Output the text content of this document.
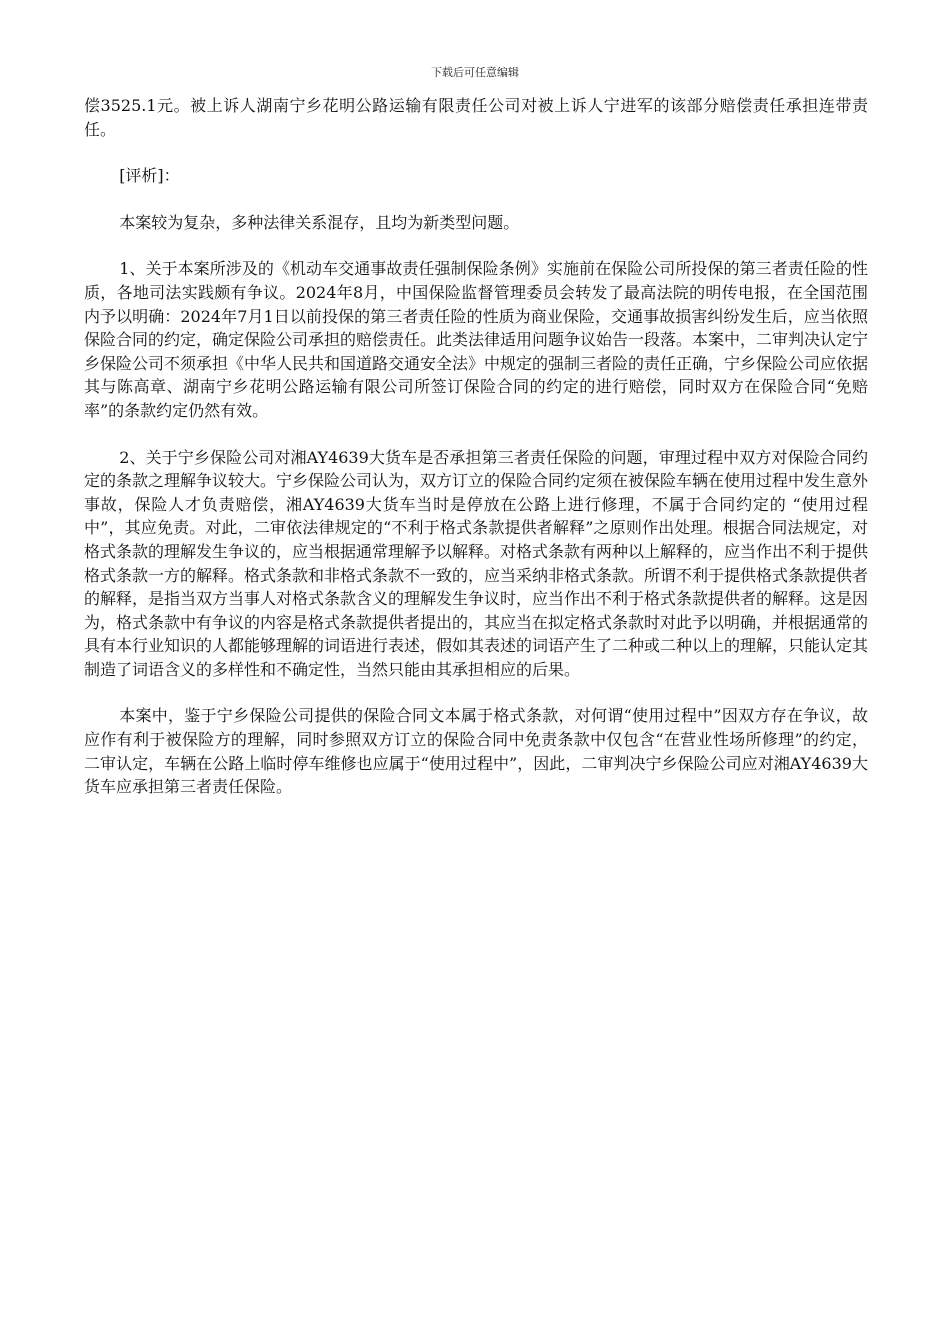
下载后可任意编辑

偿3525.1元。被上诉人湖南宁乡花明公路运输有限责任公司对被上诉人宁进军的该部分赔偿责任承担连带责任。

[评析]：

本案较为复杂，多种法律关系混存，且均为新类型问题。

1、关于本案所涉及的《机动车交通事故责任强制保险条例》实施前在保险公司所投保的第三者责任险的性质，各地司法实践颇有争议。2024年8月，中国保险监督管理委员会转发了最高法院的明传电报，在全国范围内予以明确：2024年7月1日以前投保的第三者责任险的性质为商业保险，交通事故损害纠纷发生后，应当依照保险合同的约定，确定保险公司承担的赔偿责任。此类法律适用问题争议始告一段落。本案中，二审判决认定宁乡保险公司不须承担《中华人民共和国道路交通安全法》中规定的强制三者险的责任正确，宁乡保险公司应依据其与陈高章、湖南宁乡花明公路运输有限公司所签订保险合同的约定的进行赔偿，同时双方在保险合同“免赔率”的条款约定仍然有效。

2、关于宁乡保险公司对湘AY4639大货车是否承担第三者责任保险的问题，审理过程中双方对保险合同约定的条款之理解争议较大。宁乡保险公司认为，双方订立的保险合同约定须在被保险车辆在使用过程中发生意外事故，保险人才负责赔偿，湘AY4639大货车当时是停放在公路上进行修理，不属于合同约定的 “使用过程中”，其应免责。对此，二审依法律规定的“不利于格式条款提供者解释”之原则作出处理。根据合同法规定，对格式条款的理解发生争议的，应当根据通常理解予以解释。对格式条款有两种以上解释的，应当作出不利于提供格式条款一方的解释。格式条款和非格式条款不一致的，应当采纳非格式条款。所谓不利于提供格式条款提供者的解释，是指当双方当事人对格式条款含义的理解发生争议时，应当作出不利于格式条款提供者的解释。这是因为，格式条款中有争议的内容是格式条款提供者提出的，其应当在拟定格式条款时对此予以明确，并根据通常的具有本行业知识的人都能够理解的词语进行表述，假如其表述的词语产生了二种或二种以上的理解，只能认定其制造了词语含义的多样性和不确定性，当然只能由其承担相应的后果。

本案中，鉴于宁乡保险公司提供的保险合同文本属于格式条款，对何谓“使用过程中”因双方存在争议，故应作有利于被保险方的理解，同时参照双方订立的保险合同中免责条款中仅包含“在营业性场所修理”的约定，二审认定，车辆在公路上临时停车维修也应属于“使用过程中”，因此，二审判决宁乡保险公司应对湘AY4639大货车应承担第三者责任保险。
